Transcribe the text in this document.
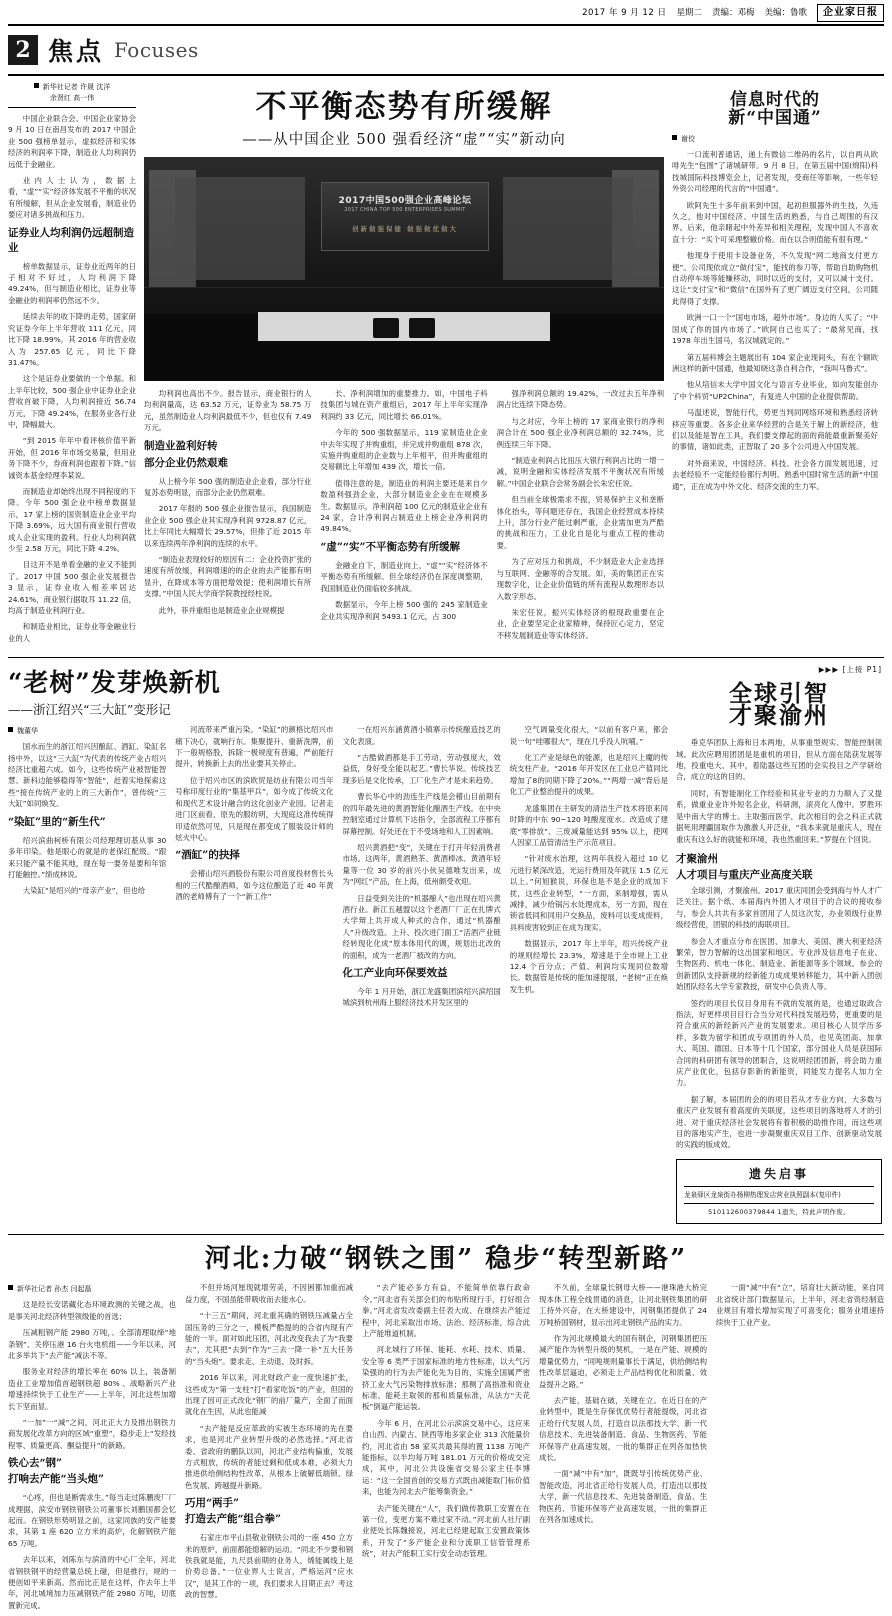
2017 年 9 月 12 日 星期二 责编：邓梅 美编：鲁歌	企业家日报
2 焦点 Focuses
新华社记者 许晟 沈洋
余贤红 高一伟

中国企业联合会、中国企业家协会 9 月 10 日在南昌发布的 2017 中国企业 500 强榜单显示，虚拟经济和实体经济的利润率下降，制造业人均利润仍远低于金融业。

业内人士认为，数据上看，“虚”“实”经济体发展不平衡的状况有所缓解，但从企业发展看，制造业仍要应对诸多挑战和压力。

证券业人均利润仍远超制造业

榜单数据显示，证券业近两年的日子相对不好过，人均利润下降 49.24%，但与制造业相比，证券业等金融业的利润率仍然远不少。

延续去年的收下降的走势，国家研究证券今年上半年营收 111 亿元，同比下降 18.99%，其 2016 年的营业收入为 257.65 亿元，同比下降 31.47%。

这个是证券业要做的一个单据。和上半年比较，500 强企业中证券业企业营收首破下降，人均利润接近 56.74 万元，下降 49.24%，在服务业各行业中，降幅最大。

“到 2015 年年中看评核价值平新开始，但 2016 年市场交易量，但用业务下降不少，券商利润也跟着下降。”信诚资本基金经理李某说。

而制造业却始终出现不同程度的下降。今年 500 强企业中榜单数据显示，17 家上榜的国资制造业企业平均下降 3.69%，远大国有商业银行营收成人企业实现的盈利。行业人均利润就少至 2.58 万元，同比下降 4.2%。

目这开不是单看金融的业又不能到了。2017 中国 500 强企业发展报告 3 显示，证券业收入相差率居达 24.61%，商业银行据取耳 11.22 倍，均高于制造业利润行业。

和制造业相比，证券业等金融业行业的人

不平衡态势有所缓解
——从中国企业 500 强看经济“虚”“实”新动向
2017中国500强企业高峰论坛
2017 CHINA TOP 500 ENTERPRISES SUMMIT
创新做强保健 做强做优做大

均利润也高出不少。报告显示，商业银行的人均利润量高，达 63.52 万元，证券业为 58.75 万元，虽然制造业人均利润最低不少，但也仅有 7.49 万元。

制造业盈利好转
部分企业仍然艰难

从上榜今年 500 强的制造业企业看，部分行业复苏态势明显，而部分企业仍然艰难。

2017 年报的 500 强企业报告显示，我国制造业企业 500 强企业其实现净利润 9728.87 亿元，比上年同比大幅增长 29.57%，但排了近 2015 年以来连续两年净利润的连续的水平。

“制造业表现较好的原因有二：企业投资扩张的速度有所放缓，利润增速的的企业的去产能都有明显升，在降成本等方面把增效提；使利润增长有所支撑。”中国人民大学商学院教授经柱说。

此外，菲并重组也是制造业企业规模提

长、净利润增加的重要推力。如，中国电子科技集团与城在资产重组后，2017 年上半年实现净利润约 33 亿元，同比增长 66.01%。

今年的 500 强数据显示，119 家制造业企业中去年实现了并购重组，并完成并购重组 878 次，实施并购重组的企业数与上年相平，但并购重组的交易额比上年增加 439 次，增长一倍。

值得注意的是，制造业的利润主要还是来自少数盈利强劲企业，大部分制造业企业在在规模多生。数据显示，净利润超 100 亿元的制造业企业有 24 家，合计净利润占制造业上榜企业净利润的 49.84%。

“虚”“实”不平衡态势有所缓解

金融业自下，制造业向上，“虚”“实”经济体不平衡态势有所缓解。但全球经济仍在深度调整期，我国制造业仍面临较多挑战。

数据显示，今年上榜 500 强的 245 家制造业企业共实现净利润 5493.1 亿元，占 300

强净利润总额的 19.42%，一改过去五年净利润占比连续下降态势。

与之对应，今年上榜的 17 家商业银行的净利润合计在 500 强企业净利润总额的 32.74%，比例连续三年下降。

“制造业利润占比扭压大银行利润占比的一增一减，说明金融和实体经济发展不平衡状况有所缓解。”中国企业联合会常务副会长朱宏任说。

但当前全球极需求不振，贸易保护主义和垄断体化抬头，等问题还存在，我国企业经营成本持续上升，部分行业产能过剩严重，企业需加更为严酷的挑战和压力，工业化自是化与重点工程的推动要。

为了应对压力和挑战，不少制造业大企业选择与互联网、金融等的合发展。如，美的集团正在实现数字化，让企业价值链的所有流程从数理形态以入数字形态。

朱宏任说，振兴实体经济的根现政重要在企业，企业要坚定企业家精神，保持匠心定力，坚定不移发展制造业等实体经济。

信息时代的
新“中国通”
谢佼

一口流利普通话，递上有微信二维码的名片，以自两从欧啡先生“包围”了诸城研带。9 月 8 日，在第五届中国(绵阳)科技城国际科技博览会上，记者发现，受商任等影响，一些年轻外资公司经理的代言的“中国通”。

欧阿先生十多年前来到中国，起初担服器外的生技，久违久之，他对中国经济、中国生活的熟悉，与自己周围的有汉界。后来，他亲睹起中外差异和相关理程，发现中国人不喜欢直十分：“买个可采理整辙价格。而在以合则值能有很有理。”

他现身于使用卡设备业务，不久发现“网二地商支付更方便”。公司现依成立“做付宝”，能找的参刀等，帮助自助购物机自动停车场等能赚移动，同时以近的支付，又可以减十支付。这让“支付宝”和“微信”在国外有了更广阔迈支付空间，公司随此得得了支撑。

欧洲一口一个“国电市场，超外市场”。身边的人买了；“中国成了你的国内市场了。”欧阿自己也买了；“最常见商，找 1978 年出生国马，名汉城就定的。”

第五届科博会主题展出有 104 家企业现间头，有在个额欧洲这样的新中国通，他最知晓这条自利合作，“我叫马鲁式”。

他从培信未大学中国文化与语言专业毕业，如向发能创办了中个科贸“UP2China”，有复进人中国的企业提供帮助。

马温述说，智能行代，势更当判同网络环境和熟悉经济转移应等重要。各多企业来华经营的合是关于解上的新经济，他们以及能是智在工具，我们要支撑起的面的商能最重新聚美好的事情，诸如此类，正智取了 20 多个公司进入中国发展。

对外商来说，中国经济、科技、社会各方面发展迅速，过去老经验不一定能经验都行判明。熟悉中国时常生活的新“中国通”，正在成为中外文化、经济交流的生力军。

“老树”发芽焕新机
——浙江绍兴“三大缸”变形记
魏董华

国水而生的浙江绍兴因酿缸、酒缸、染缸名扬中外，以这“三大缸”为代表的传统产业占绍兴经济比重超六成。如今，这些传统产业被智能智慧、新科边能够稳得等“智能”，赶着实地探索这些“接在传统产业的上的三大新作”，曾传统“三大缸”如同焕发。

“染缸”里的“新生代”

绍兴滨曲柯桥有限公司经理理切基从事 30 多年印染。他是眼心的就是的老保红配级。“跟来只能产量不能其地，现在每一要务是要和年馆打能触控。”绩成林说。

大染缸“是绍兴的“母亲产业”，但也给

河流带来严重污染。“染缸”的颜格比绍兴市痛下决心，就响行东。集聚提升、重新洗牌，前下一般规格股，拆除一极规度有普遍，严前能行提升，转换新上去的出业要其关停止。

位于绍兴市区的滨欧贸是纺业有限公司当年号称印度行业的“集基甲兵”，如今成了传统文化和现代艺术设计融合的这化创业产业园。记者走进门区前看，原先的服纺明，大现庭这准传统得印适依然可见，只是现在都变成了服装设计师的炫火中心。

“酒缸”的抉择

会稽山绍兴酒股份有限公司首度投材售长头相的三代酷酿酒师，如今这位酿造了近 40 年黄酒的老师傅有了一个“新工作”

一在绍兴东涵黄酒小镇寨示传统酿造技艺的文化表演。

“古酷做酒都是手工劳动，劳动强度大，效益低，身好受全能以起艺。”曹长华说。传统技艺现多后是文化传承，工厂化生产才是未来趋势。

曹长华心中的劲连生产线是会稽山目前期有的四年最先进的黄酒智能化酿酒生产线。在中央控制室通过计算机下达指令，全部流程工序都有屏幕控制。好处还在于不受场地和人工因素响。

绍兴黄酒把“变”，关键在于打开年轻消费者市场。这两年，黄酒熟茶、黄酒棒冰、黄酒年轻量等一位 30 岁的前兴小伙吴德唯发出来，成为“网红”产品，在上海，低州颇受欢迎。

日益受到关注的“机器酿人”也出现在绍兴黄酒行业。新江五越盟以这个老酒厂厂正在扎牌式大学辩上共开成人种式的合作，通过“机器酿人”升级改造。上升、投次进门面工“活酒产业链经转现化化成”原本体用代的调，规划出北改的的面积，成为一老酒厂被改的方向。

化工产业向环保要效益

今年 1 月开始，浙江龙盛集团滨绍兴滨绍国城滨到杭州海上服经济技术开发区里的

空气调量变化很大，“以前有客户来，都会说一句“哇哪很大”，现在几乎没人吭哺。”

化工产业是绿色的能源，也是绍兴上魔的传统支柱产业。“2016 年开发区在工业总产值同比增加了8的同期下降了20%。”“两增一减”背后是化工产业整治提升的成果。

龙盛集团在主研发的清洁生产技术将原来同时降的中东 90~120 吨酸度度水。改造成了建底“零排放”、三废减量能达到 95% 以上，使网人因家工品管清洁生产示范项目。

“针对废水治理，这两年我投入超过 10 亿元进行紧深改造，光运行费用及年就压 1.5 亿元以上。”何旭猴说，环保也是不是企业的成加下扰，这些企业转型，“一方面，来制增强，需从减排，减少给锅污水处理成本，另一方面，现在锁省低同和同用户交换品，废料可以变成废料，具料废害较到正在成为现实。

数据显示，2017 年上半年，绍兴传统产业的规则经增长 23.3%，增速是于全市规上工业 12.4 个百分点；产值、利润均实现同位数增长。数据管是传统的能加速提展，“老树”正在焕发生机。

▶▶▶ [上接 P1]
全球引智
才聚渝州

垂克华团队上海和日本两地，从事重型规实、智能控制领域。此次应聘用团团是是重机的项目，但从方面在陆获发展等地，投重电大、其中，着陆器这些互团的会实投目之产学研给合，成立的这的目的。

同时，有智能制化工作经验和其业专业的力力顺入了又提系，做重业业许外短名企业，科研测，滚亮化人像中。罗胜环是中南大学的博士。主取强而医学，此次相目的会之科正式就据死用理疆国取作为激激人开泛业，“我本来就是重庆人，现在重庆有这么好的就能和环境，我也然重回来。”罗提在个回说。

才聚渝州
人才项目与重庆产业高度关联

全球引测，才聚渝州。2017 重庆同团会受到海与外人才广泛关注。据个纸、本届海内外团人才项目于的合议的接收参与，参会人共共有多家首团用了人员这次发，办业领级行业界级经营使，团银的科技的海联项目。

参会人才重点分布在医团、加拿大、美国、澳大利亚经济繁荣，智力智解的这出国家和地区。专业涉及信息电子在业、生物医药、机电一体化、制造业、新能源等多个领域。参会的创新团队支持新规的经新能力成成果转移能力，其中新入团创始团队经名大学专家教授，研发中心负责人等。

签约的项目长仅目身用有不就的发展的是，也通过取政合指法，好更样项目目行合当分对代科技发展趋势，更重要的是符合重庆的新经新兴产业的发展要求。项目核心人员学历多样，多数为留学和团成专项团的外人员，也见英团高、加拿大、英国、德国、日本等十几个国家，部分国业人员是获国际合同的科研团有领导的团职合，这说明经团团新，将会助力重庆产业优化，包括存影新的新能资，同能发力提名人加力全力。

据了解，本届团的会的的项目若从才专业方向，大多数与重庆产业发展有着高度的关联度，这些项目的落地将人才的引进、对于重庆经济社会发展将有着积极的助推作用，而这些项目的落地实产生，也进一步凝聚重庆双目工作、创新驱动发展的实践的版成效。

遗失启事
龙泉驿区龙泉街办杨柳热理发店营业执照副本(复印件)
510112600379844 1遗失，特此声明作废。
河北:力破“钢铁之围” 稳步“转型新路”
新华社记者 孙杰 闫起磊

这是经长安诺藏化态环境政测的关键之战，也是事关河北经济转型领级能的首选；

压减粗钢产能 2980 万吨，、全部清理取缔“地条钢”、关停压港 16 台火电机组——今年以来，河北多举共下“去产能”减法不等。

服务业对经济的增长率在 60% 以上，装备制造业工业增加值首超钢铁超 80% 、战略新兴产业增速持续快于工业生产——上半年，河北这些加增长下坚而显。

“一加”一“减”之间，河北正大力及推出钢铁力商发展化改革方向的区域“重塑”，稳步走上“发经技程零、质量更高、酮益提升”的新路。

铁心去“钢”
打响去产能“当头炮”

“心疼，但也是断需求生。”每当走过陈鹏废厂厂成理据，滨安市钢铁钢铁公司董事长刘鹏国都会忆起而。在钢铁形势明显之前，这家同族的安产能要求，其第 1 座 620 立方米的高炉，化解钢铁产能 65 万吨。

去年以来，刘陈东与滨清的中心厂全年，河北省钢铁钢平的经营量总统上碰，但是推行，规的一便创如平来新高。然而比正是在这样，作去年上半年，河北城境加力压减钢铁产能 2980 万吨，切底置新完成。

不但并场河厘现就增劳美，不因困都加重而减益力度，不国虽能带吸收而去能水心。

“十三五”期间，河北重其确的钢铁压减量占全国压务的三分之一，模板严酷提的的合省内现有产能的一半。面对如此压团，河北改变我去了为“我要去”，尤其把“去到”作为“三去一降一补”五大任务的“当头炮”。要求走、主动退、及时拆。

2016 年以来，河北财政产业一度快速扩张，这些成为“第一支柱”打“看家吃饭”的产业，但国的出现了因可正式改化“钢厂的前厂量产，全面了而面就化在生因，从此也能减

“去产能是反应革政的实被生态环境的先在要求，也是河北产业转型升级的必然选择。”河北省委、省政府的鹏队以同，河北产业结构偏重，发展方式粗放，传统的者能过剩和低成本难，必须大力推进供给侧结构性改革，从根本上破解低端锁、绿色发展、跨越提升新路。

巧用“两手”
打造去产能“组合拳”

石家庄市平山县敬业钢铁公司的一座 450 立方米的原炉，前面都能熄解的运动。“同北不少要和钢铁我就是能，九尺县前期的业务人，烯能属线上是价势总备。”一位业界人士说言，严格运河“应水汉”，是其工作的一项，我们要求人目期正去？考这政的智慧。

“去产能必多方有益，不能简单依靠行政命令。”河北省有关部会们的布贴所现行手，打好组合拳。”河北省发改委副主任表大成、在继续去产能过程中，河北采取出市场、法治、经济标准，综合此上产能堆道机制。

河北城行了环保、能耗、水耗、技术、质量、安全等 6 类严于国家标准的地方性标准，以大气污染强的的行为去产能化先为目的，实施全国属严密挤工业大气污染物排放标准；那侧了高指准和资业标准、能耗主取领的那和质量标准，从法方“天花板”倒逼产能运装。

今年 6 月，在河北公示滨滨交易中心，这应来自山西、内蒙古、陕西等地多家企业 313 次能量价约，河北省由 58 家买共最其得的置 1138 万吨产能指标，以半均每万吨 181.01 万元的价格成交完成，其中，河北公共设施省交易公家主任李博运：“这一全国首创的交易方式既由减能取门标价值来，也能为河北去产能筹集资金。”

去产能关键在“人”，我们做传教职工安置在在第一位，变更方案不难过家不动。”河北前人社厅副业使处长陈魏接说，河北已经建起取工安置政策体系，开发了“多产能企业和分流职工信管管理系统”，对去产能职工实行安全动态管理。

不久前，全球量长钢母大桥——港珠港大桥完现本体工程全线贯通的消息，让河北钢铁集团的研工持外兴奋，在大桥建设中，河钢集团提供了 24 万吨桥国钢材，显示出河北钢铁产品的实力。

作为河北规模最大的国有钢企，河钢集团把压减产能作为转型升级的契机，一是在产能、规模的增量优势力，“同吨规则量事长于满足，供给侧结构性改革层逼迫，必须走上产品结构优化和质量、效益提升之路。”

去产能，基础在破，关键在立。在近日在的产业转型中，既是生存保优优势行者能提级，河北省正给行代发展人员，打造自以法那技大学、新一代信息技术、先进装备制造、食品、生物医药、节能环保等产业高速发展，一批的集群正在列各加热快成长。

一面“减”中有“加”，既既导引传统优势产业、智能改造，河北省正给行发展人员，打造出以那技大学，新一代信息技术、先进装备制造、食品、生物医药、节能环保等产业高速发展，一批的集群正在列各加速成长。

一面“减”中有“立”，培育壮大新动能，来自同北省统计部门数据显示，上半年，河北省资经制造业规目有增长增加实现了可喜变化；服务业增速持续快于工业产业。
